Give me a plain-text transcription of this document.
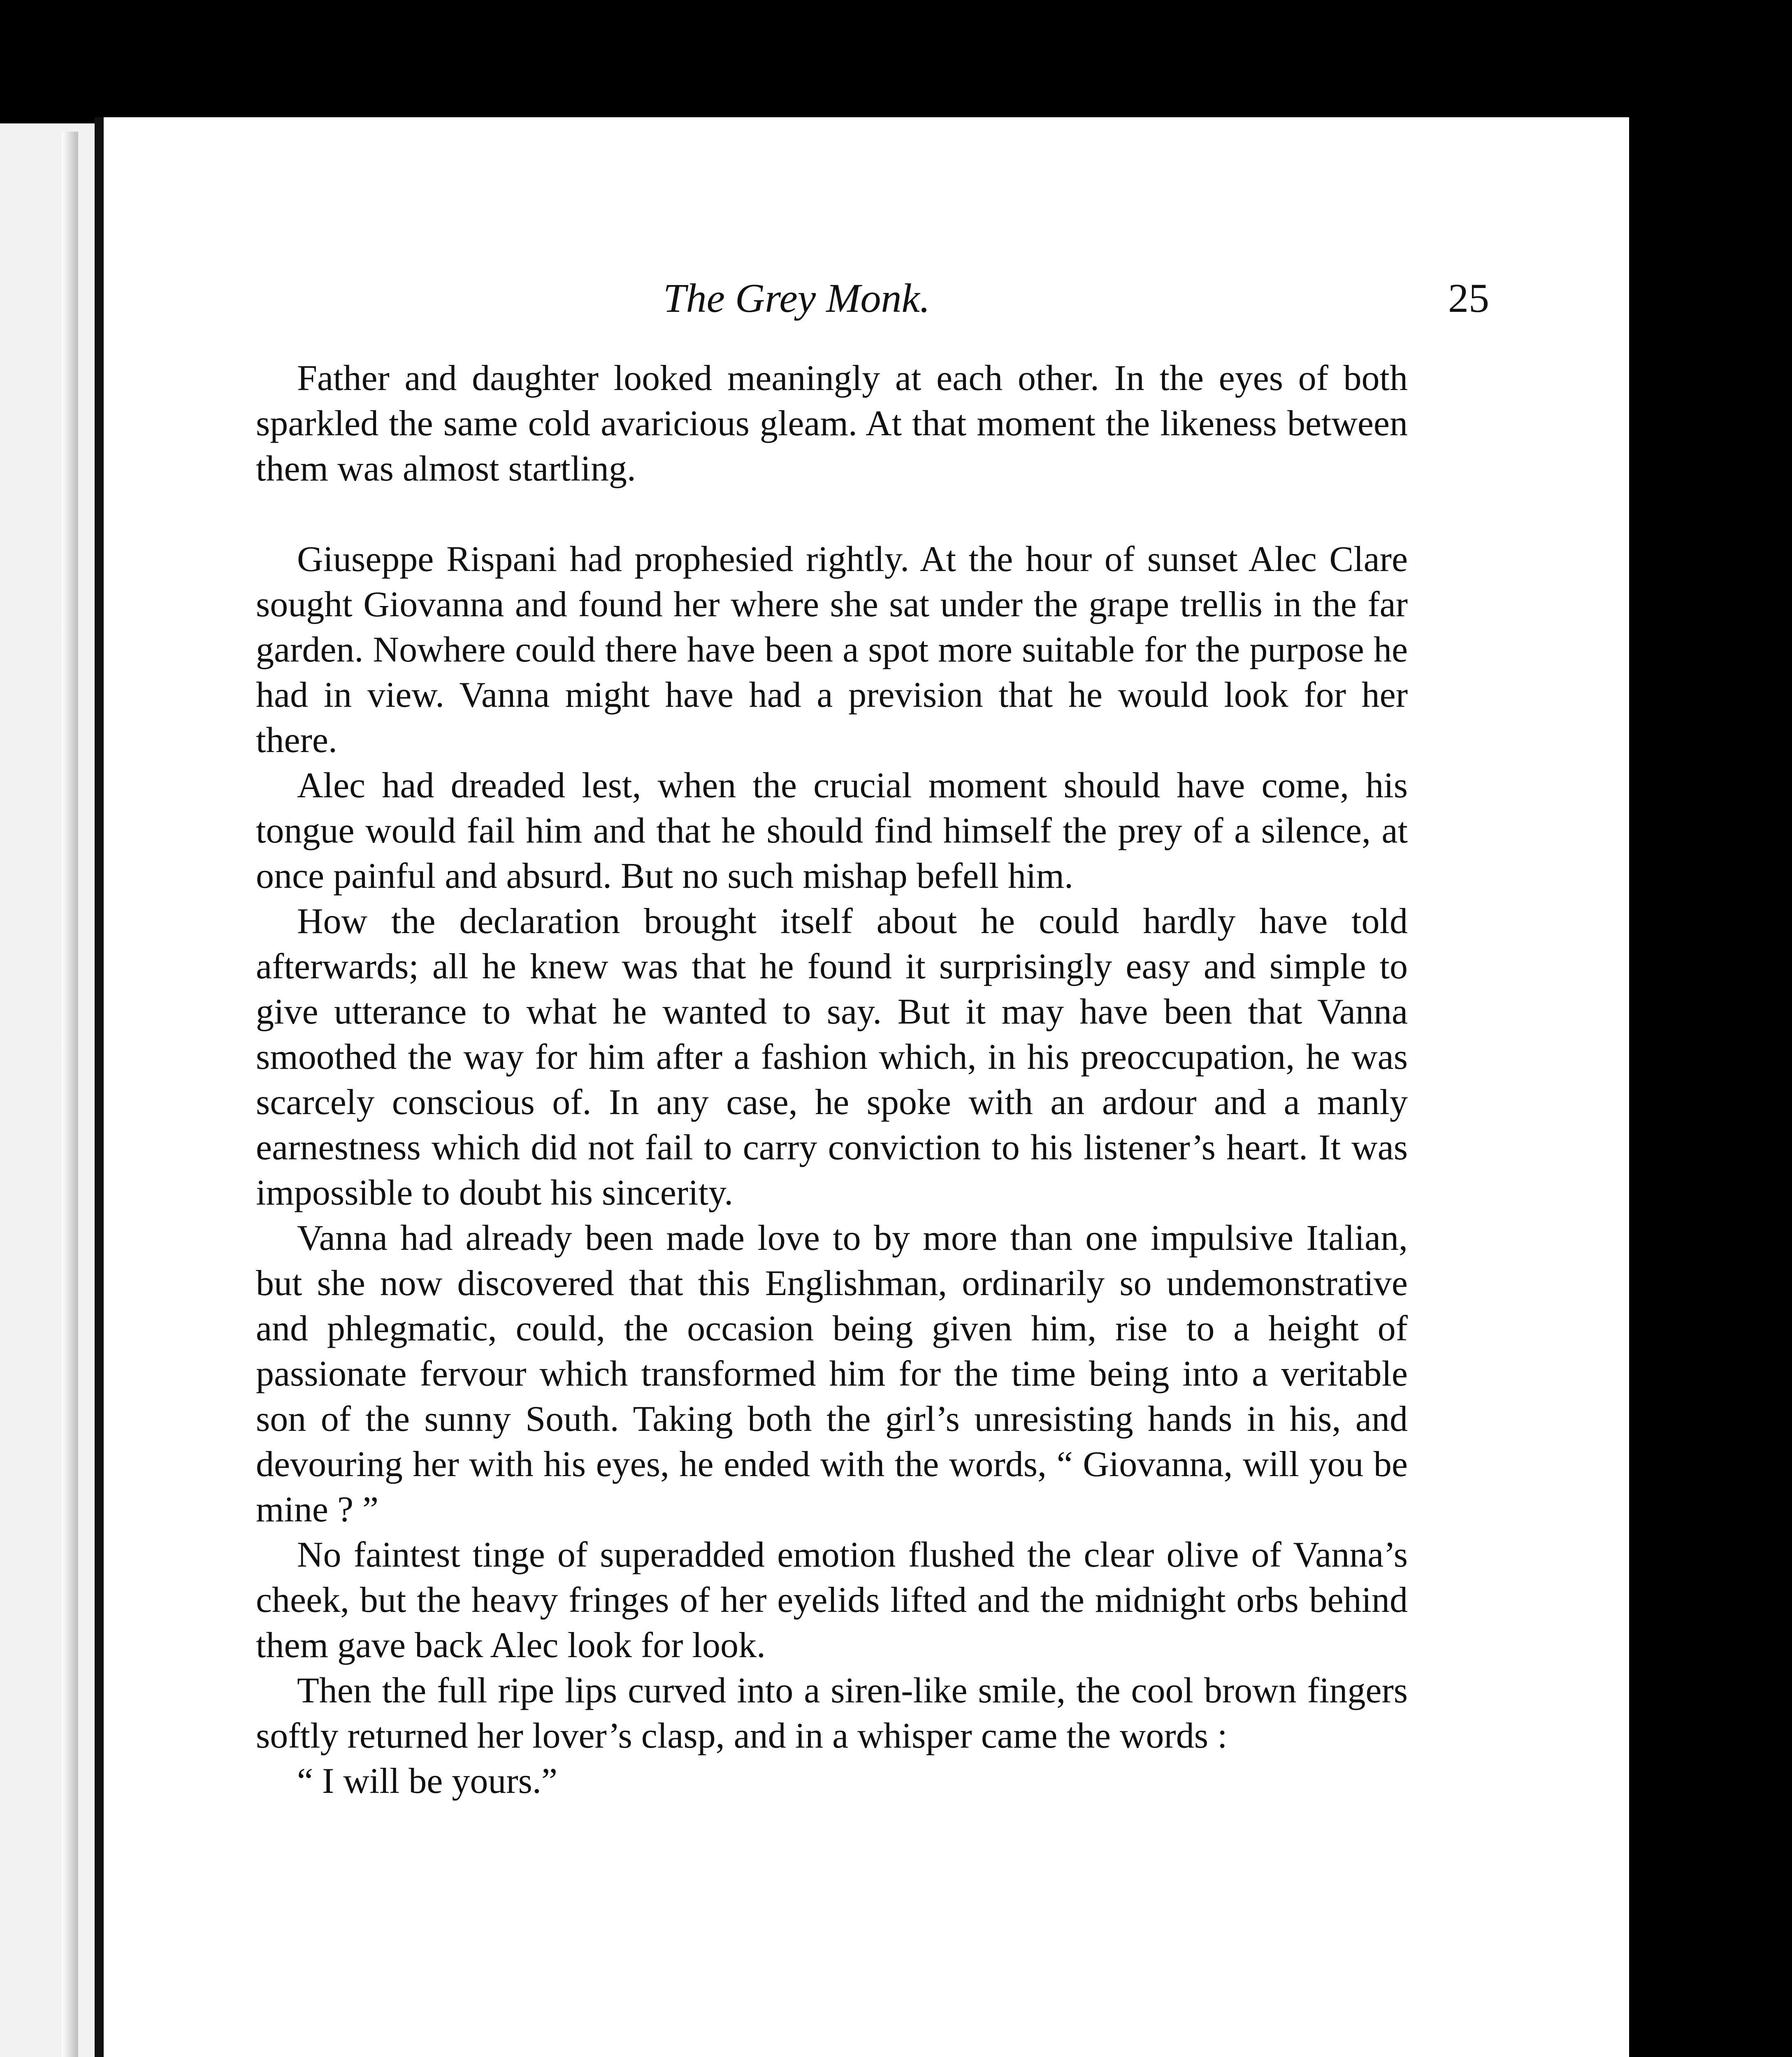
The Grey Monk.	25

Father and daughter looked meaningly at each other. In the eyes of both sparkled the same cold avaricious gleam. At that moment the likeness between them was almost startling.

Giuseppe Rispani had prophesied rightly. At the hour of sunset Alec Clare sought Giovanna and found her where she sat under the grape trellis in the far garden. Nowhere could there have been a spot more suitable for the purpose he had in view. Vanna might have had a prevision that he would look for her there.

Alec had dreaded lest, when the crucial moment should have come, his tongue would fail him and that he should find himself the prey of a silence, at once painful and absurd. But no such mishap befell him.

How the declaration brought itself about he could hardly have told afterwards; all he knew was that he found it surprisingly easy and simple to give utterance to what he wanted to say. But it may have been that Vanna smoothed the way for him after a fashion which, in his preoccupation, he was scarcely conscious of. In any case, he spoke with an ardour and a manly earnestness which did not fail to carry conviction to his listener’s heart. It was impossible to doubt his sincerity.

Vanna had already been made love to by more than one impulsive Italian, but she now discovered that this Englishman, ordinarily so undemonstrative and phlegmatic, could, the occasion being given him, rise to a height of passionate fervour which transformed him for the time being into a veritable son of the sunny South. Taking both the girl’s unresisting hands in his, and devouring her with his eyes, he ended with the words, “ Giovanna, will you be mine ? ”

No faintest tinge of superadded emotion flushed the clear olive of Vanna’s cheek, but the heavy fringes of her eyelids lifted and the midnight orbs behind them gave back Alec look for look.

Then the full ripe lips curved into a siren-like smile, the cool brown fingers softly returned her lover’s clasp, and in a whisper came the words :

“ I will be yours.”
